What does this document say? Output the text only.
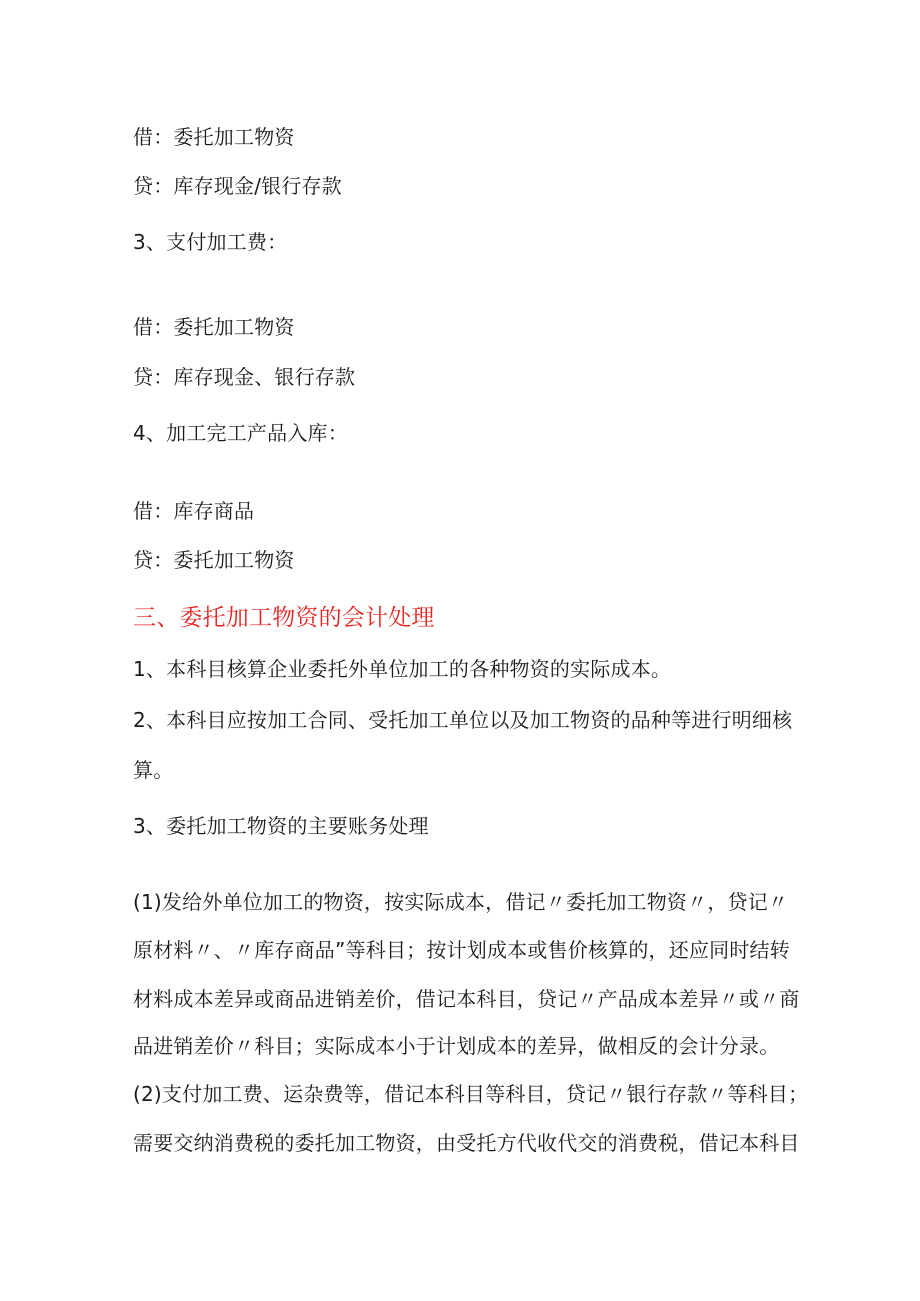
借：委托加工物资
贷：库存现金/银行存款
3、支付加工费：
借：委托加工物资
贷：库存现金、银行存款
4、加工完工产品入库：
借：库存商品
贷：委托加工物资
三、委托加工物资的会计处理
1、本科目核算企业委托外单位加工的各种物资的实际成本。
2、本科目应按加工合同、受托加工单位以及加工物资的品种等进行明细核
算。
3、委托加工物资的主要账务处理
(1)发给外单位加工的物资，按实际成本，借记〃委托加工物资〃，贷记〃
原材料〃、〃库存商品”等科目；按计划成本或售价核算的，还应同时结转
材料成本差异或商品进销差价，借记本科目，贷记〃产品成本差异〃或〃商
品进销差价〃科目；实际成本小于计划成本的差异，做相反的会计分录。
(2)支付加工费、运杂费等，借记本科目等科目，贷记〃银行存款〃等科目；
需要交纳消费税的委托加工物资，由受托方代收代交的消费税，借记本科目
